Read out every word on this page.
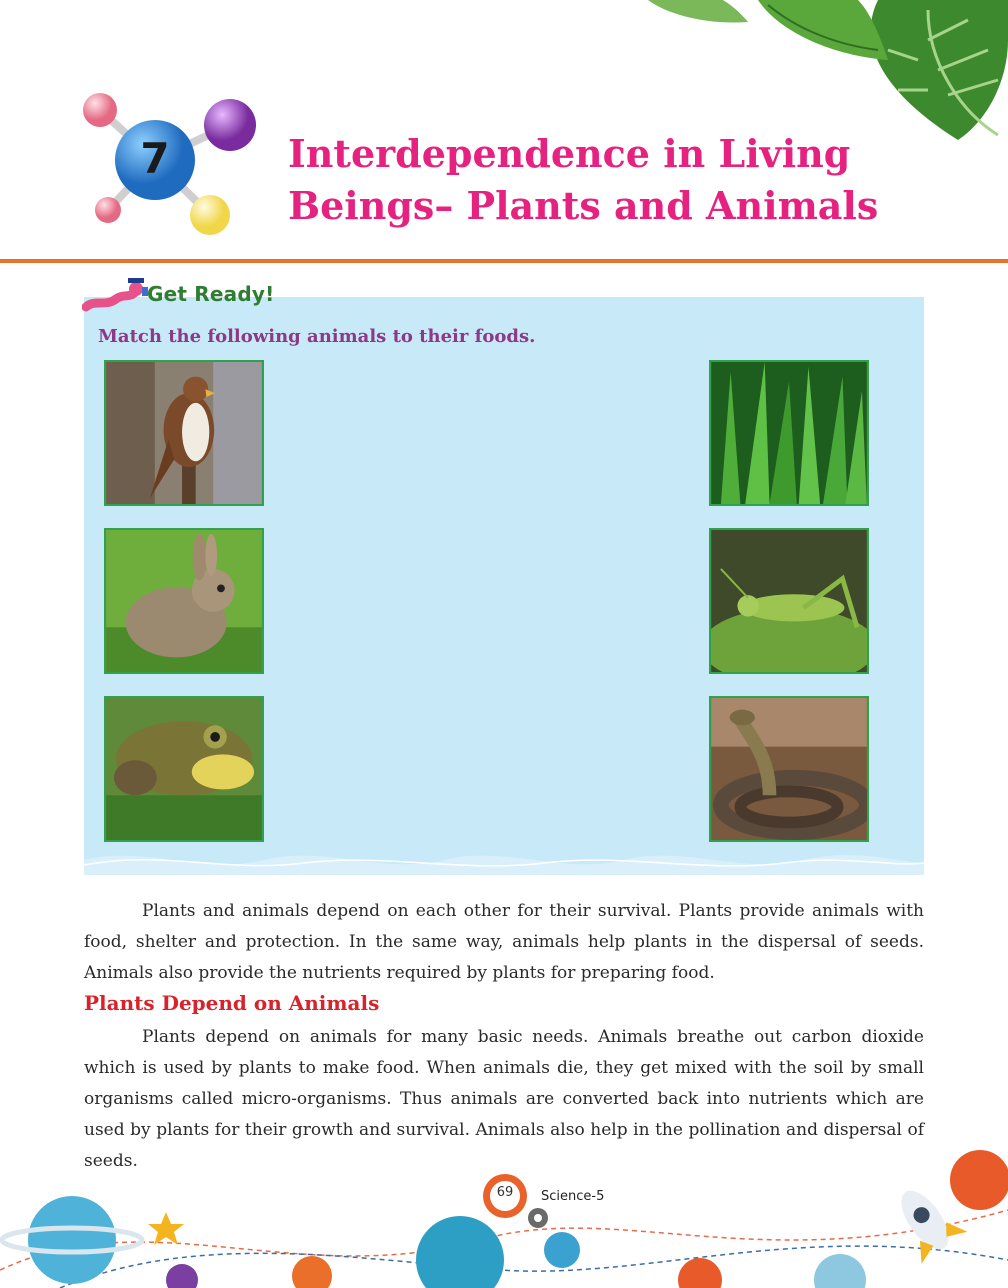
7	Interdependence in Living
Beings– Plants and Animals
Get Ready!
Match the following animals to their foods.

Plants and animals depend on each other for their survival. Plants provide animals with food, shelter and protection. In the same way, animals help plants in the dispersal of seeds. Animals also provide the nutrients required by plants for preparing food.

Plants Depend on Animals

Plants depend on animals for many basic needs. Animals breathe out carbon dioxide which is used by plants to make food. When animals die, they get mixed with the soil by small organisms called micro-organisms. Thus animals are converted back into nutrients which are used by plants for their growth and survival. Animals also help in the pollination and dispersal of seeds.

69	Science-5
